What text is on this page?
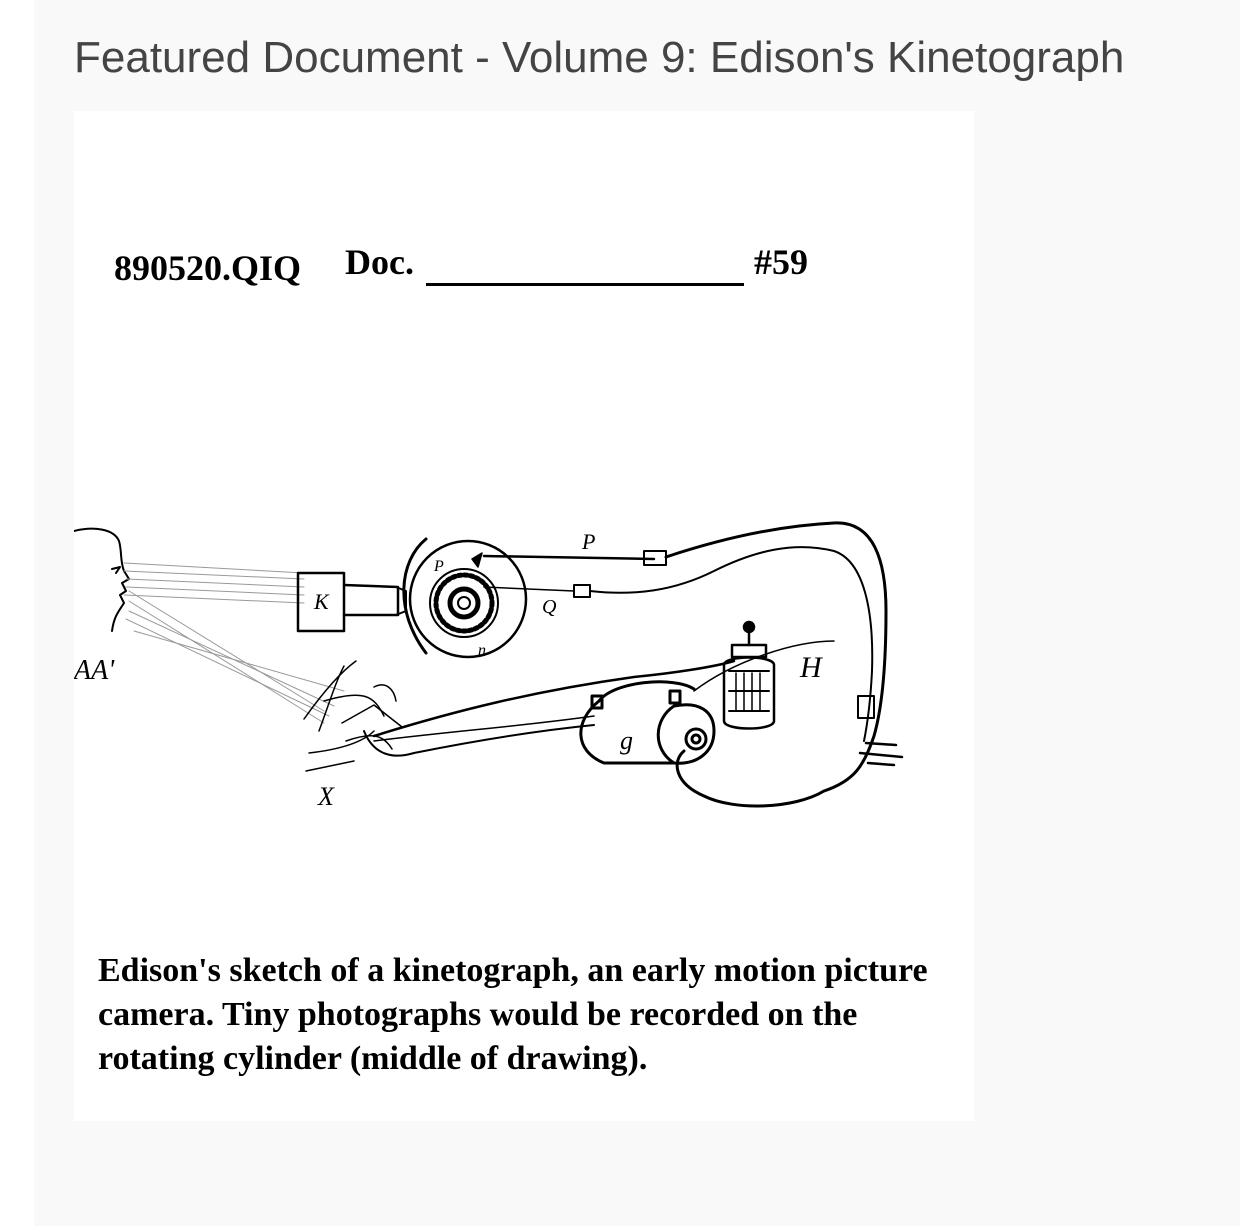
Featured Document - Volume 9: Edison's Kinetograph
890520.QIQ Doc.	#59
AA'
K
P
P
Q
n
H
g
X

Edison's sketch of a kinetograph, an early motion picture camera. Tiny photographs would be recorded on the rotating cylinder (middle of drawing).
